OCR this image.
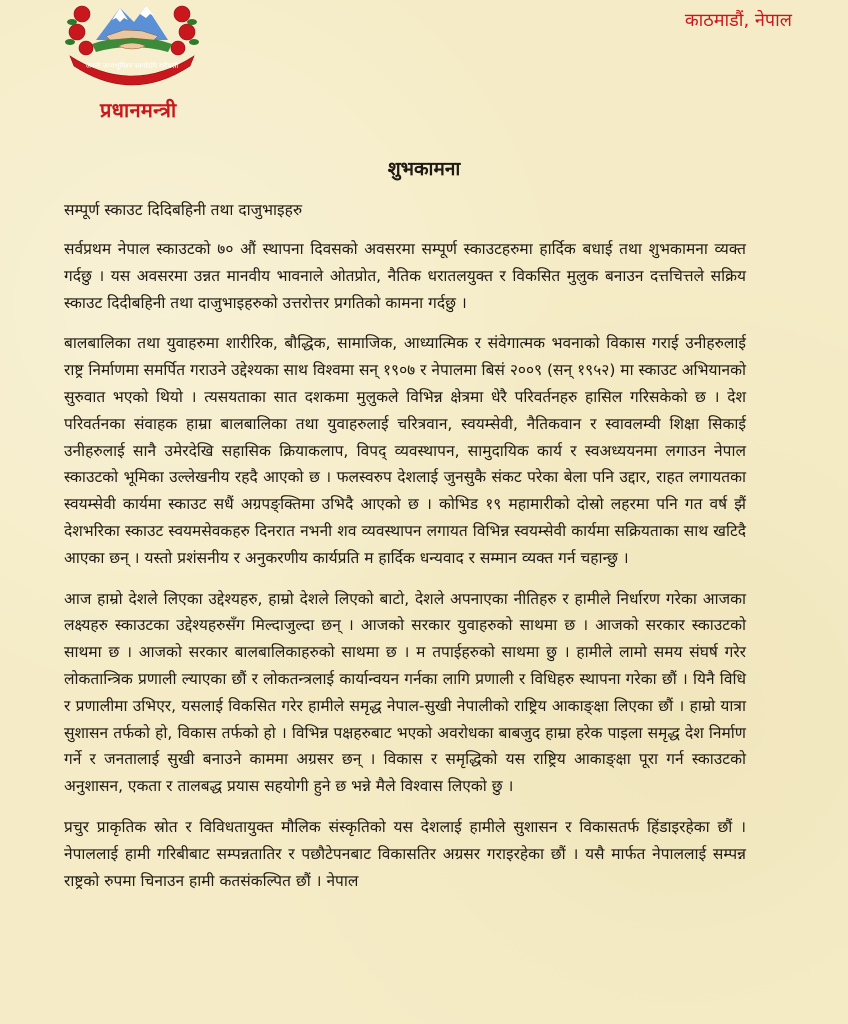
जननी जन्मभूमिश्च स्वर्गादपि गरीयसी
प्रधानमन्त्री
काठमाडौं, नेपाल
शुभकामना
सम्पूर्ण स्काउट दिदिबहिनी तथा दाजुभाइहरु

सर्वप्रथम नेपाल स्काउटको ७० औं स्थापना दिवसको अवसरमा सम्पूर्ण स्काउटहरुमा हार्दिक बधाई तथा शुभकामना व्यक्त गर्दछु । यस अवसरमा उन्नत मानवीय भावनाले ओतप्रोत, नैतिक धरातलयुक्त र विकसित मुलुक बनाउन दत्तचित्तले सक्रिय स्काउट दिदीबहिनी तथा दाजुभाइहरुको उत्तरोत्तर प्रगतिको कामना गर्दछु ।

बालबालिका तथा युवाहरुमा शारीरिक, बौद्धिक, सामाजिक, आध्यात्मिक र संवेगात्मक भवनाको विकास गराई उनीहरुलाई राष्ट्र निर्माणमा समर्पित गराउने उद्देश्यका साथ विश्वमा सन् १९०७ र नेपालमा बिसं २००९ (सन् १९५२) मा स्काउट अभियानको सुरुवात भएको थियो । त्यसयताका सात दशकमा मुलुकले विभिन्न क्षेत्रमा धेरै परिवर्तनहरु हासिल गरिसकेको छ । देश परिवर्तनका संवाहक हाम्रा बालबालिका तथा युवाहरुलाई चरित्रवान, स्वयम्सेवी, नैतिकवान र स्वावलम्वी शिक्षा सिकाई उनीहरुलाई सानै उमेरदेखि सहासिक क्रियाकलाप, विपद् व्यवस्थापन, सामुदायिक कार्य र स्वअध्ययनमा लगाउन नेपाल स्काउटको भूमिका उल्लेखनीय रहदै आएको छ । फलस्वरुप देशलाई जुनसुकै संकट परेका बेला पनि उद्दार, राहत लगायतका स्वयम्सेवी कार्यमा स्काउट सधैं अग्रपङ्क्तिमा उभिदै आएको छ । कोभिड १९ महामारीको दोस्रो लहरमा पनि गत वर्ष झैं देशभरिका स्काउट स्वयमसेवकहरु दिनरात नभनी शव व्यवस्थापन लगायत विभिन्न स्वयम्सेवी कार्यमा सक्रियताका साथ खटिदै आएका छन् । यस्तो प्रशंसनीय र अनुकरणीय कार्यप्रति म हार्दिक धन्यवाद र सम्मान व्यक्त गर्न चहान्छु ।

आज हाम्रो देशले लिएका उद्देश्यहरु, हाम्रो देशले लिएको बाटो, देशले अपनाएका नीतिहरु र हामीले निर्धारण गरेका आजका लक्ष्यहरु स्काउटका उद्देश्यहरुसँग मिल्दाजुल्दा छन् । आजको सरकार युवाहरुको साथमा छ । आजको सरकार स्काउटको साथमा छ । आजको सरकार बालबालिकाहरुको साथमा छ । म तपाईहरुको साथमा छु । हामीले लामो समय संघर्ष गरेर लोकतान्त्रिक प्रणाली ल्याएका छौं र लोकतन्त्रलाई कार्यान्वयन गर्नका लागि प्रणाली र विधिहरु स्थापना गरेका छौं । यिनै विधि र प्रणालीमा उभिएर, यसलाई विकसित गरेर हामीले समृद्ध नेपाल-सुखी नेपालीको राष्ट्रिय आकाङ्क्षा लिएका छौं । हाम्रो यात्रा सुशासन तर्फको हो, विकास तर्फको हो । विभिन्न पक्षहरुबाट भएको अवरोधका बाबजुद हाम्रा हरेक पाइला समृद्ध देश निर्माण गर्ने र जनतालाई सुखी बनाउने काममा अग्रसर छन् । विकास र समृद्धिको यस राष्ट्रिय आकाङ्क्षा पूरा गर्न स्काउटको अनुशासन, एकता र तालबद्ध प्रयास सहयोगी हुने छ भन्ने मैले विश्वास लिएको छु ।

प्रचुर प्राकृतिक स्रोत र विविधतायुक्त मौलिक संस्कृतिको यस देशलाई हामीले सुशासन र विकासतर्फ हिंडाइरहेका छौं । नेपाललाई हामी गरिबीबाट सम्पन्नतातिर र पछौटेपनबाट विकासतिर अग्रसर गराइरहेका छौं । यसै मार्फत नेपाललाई सम्पन्न राष्ट्रको रुपमा चिनाउन हामी कतसंकल्पित छौं । नेपाल
